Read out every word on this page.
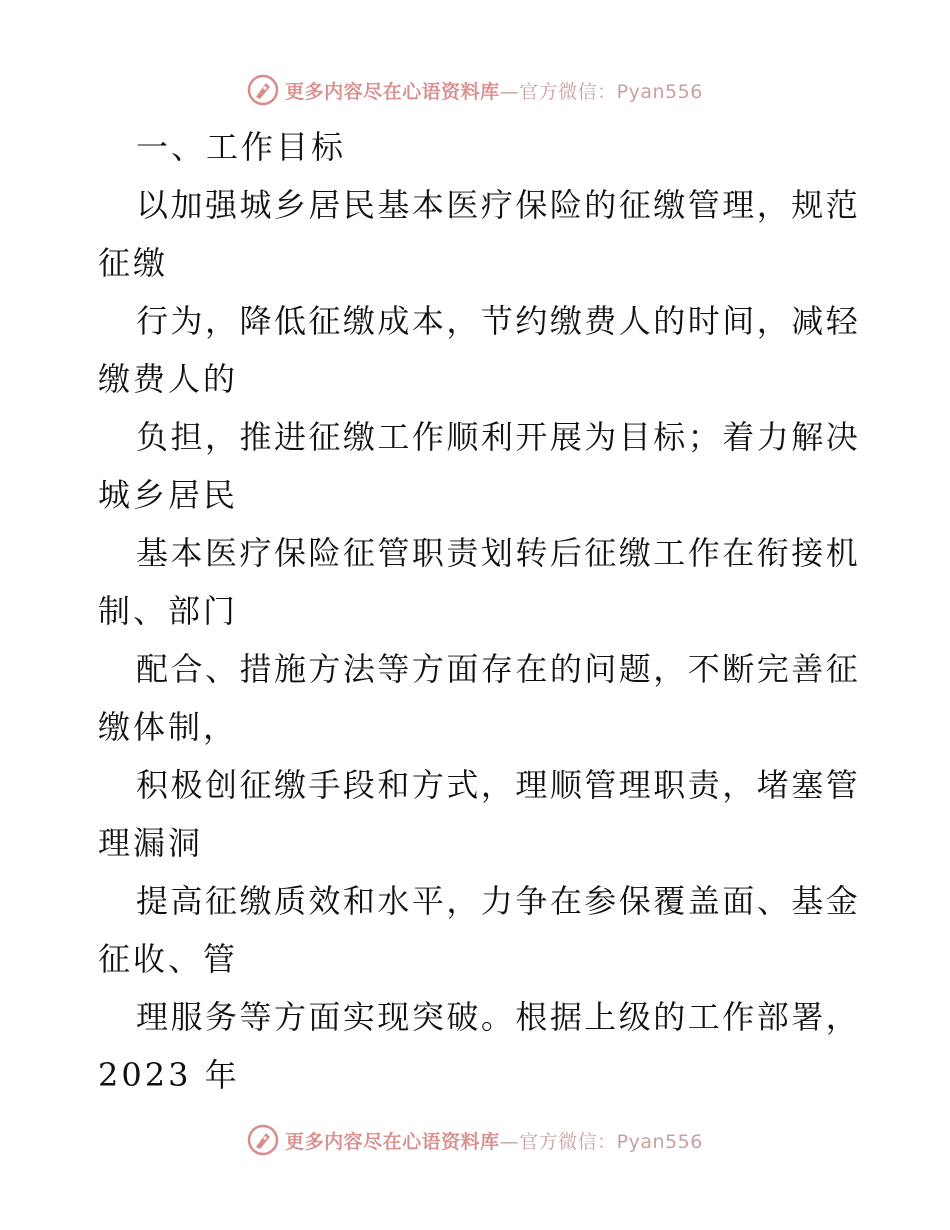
更多内容尽在心语资料库—官方微信：Pyan556
一、工作目标
以 加 强 城 乡 居 民 基 本 医 疗 保 险 的 征 缴 管 理 ， 规 范
征缴
行 为 ， 降 低 征 缴 成 本 ， 节 约 缴 费 人 的 时 间 ， 减 轻
缴费人的
负 担 ， 推 进 征 缴 工 作 顺 利 开 展 为 目 标 ； 着 力 解 决
城乡居民
基 本 医 疗 保 险 征 管 职 责 划 转 后 征 缴 工 作 在 衔 接 机
制、部门
配 合 、 措 施 方 法 等 方 面 存 在 的 问 题 ， 不 断 完 善 征
缴体制，
积 极 创 征 缴 手 段 和 方 式 ， 理 顺 管 理 职 责 ， 堵 塞 管
理漏洞
提 高 征 缴 质 效 和 水 平 ， 力 争 在 参 保 覆 盖 面 、 基 金
征收、管
理 服 务 等 方 面 实 现 突 破 。 根 据 上 级 的 工 作 部 署 ，
2023 年
更多内容尽在心语资料库—官方微信：Pyan556
